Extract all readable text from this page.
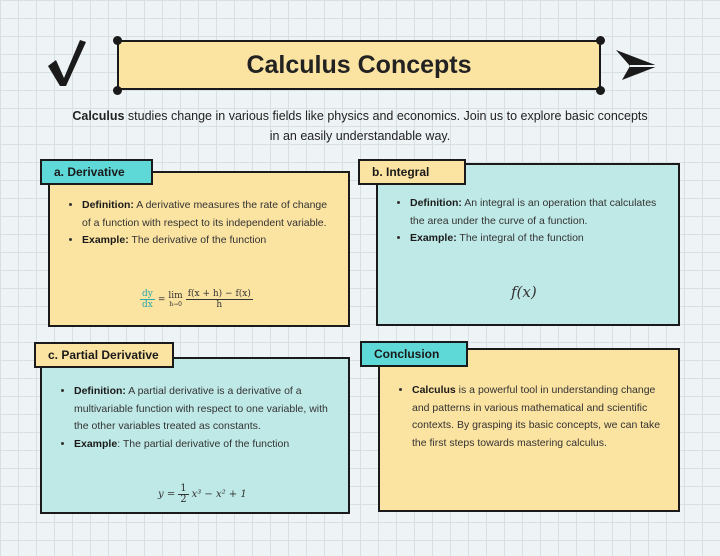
Calculus Concepts
Calculus studies change in various fields like physics and economics. Join us to explore basic concepts
in an easily understandable way.
• Definition: A derivative measures the rate of change of a function with respect to its independent variable.
• Example: The derivative of the function
$\frac{dy}{dx} = \lim$
$h\to 0 \frac{f(x + h) - f(x)}{h}$
a. Derivative
• Definition: An integral is an operation that calculates the area under the curve of a function.
• Example: The integral of the function
f(x)
b. Integral
• Definition: A partial derivative is a derivative of a multivariable function with respect to one variable, with the other variables treated as constants.
• Example: The partial derivative of the function
$y = \frac{1}{2} x^3 - x^2 + 1$
c. Partial Derivative
• Calculus is a powerful tool in understanding change and patterns in various mathematical and scientific contexts. By grasping its basic concepts, we can take the first steps towards mastering calculus.
Conclusion
